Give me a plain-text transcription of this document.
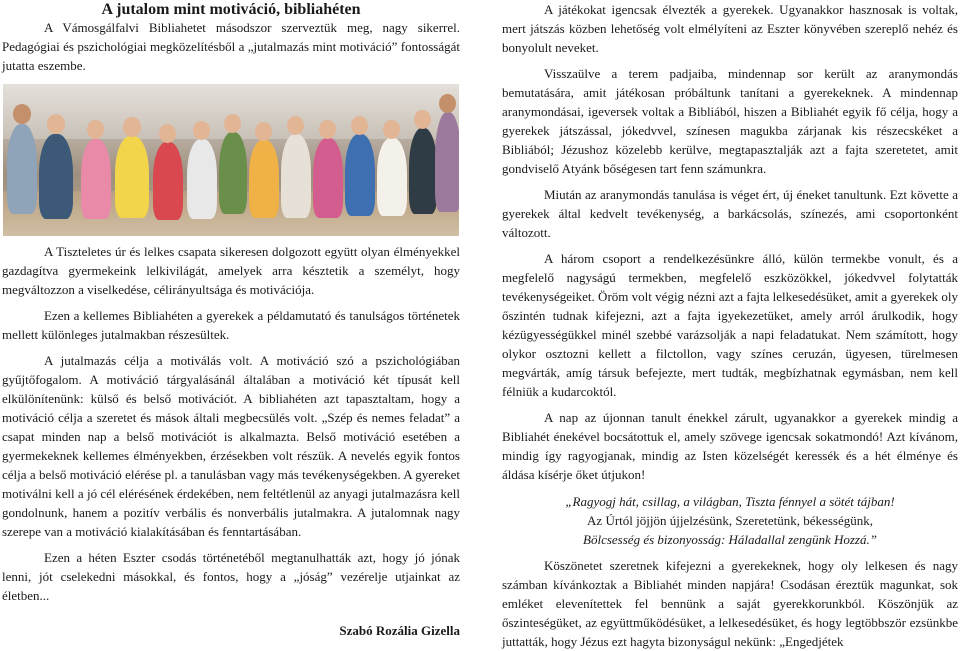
A jutalom mint motiváció, bibliahéten

A Vámosgálfalvi Bibliahetet másodszor szerveztük meg, nagy sikerrel. Pedagógiai és pszichológiai megközelítésből a „jutalmazás mint motiváció” fontosságát jutatta eszembe.

A Tiszteletes úr és lelkes csapata sikeresen dolgozott együtt olyan élményekkel gazdagítva gyermekeink lelkivilágát, amelyek arra késztetik a személyt, hogy megváltozzon a viselkedése, célirányultsága és motivációja.

Ezen a kellemes Bibliahéten a gyerekek a példamutató és tanulságos történetek mellett különleges jutalmakban részesültek.

A jutalmazás célja a motiválás volt. A motiváció szó a pszichológiában gyűjtőfogalom. A motiváció tárgyalásánál általában a motiváció két típusát kell elkülönítenünk: külső és belső motivációt. A bibliahéten azt tapasztaltam, hogy a motiváció célja a szeretet és mások általi megbecsülés volt. „Szép és nemes feladat” a csapat minden nap a belső motivációt is alkalmazta. Belső motiváció esetében a gyermekeknek kellemes élményekben, érzésekben volt részük. A nevelés egyik fontos célja a belső motiváció elérése pl. a tanulásban vagy más tevékenységekben. A gyereket motiválni kell a jó cél elérésének érdekében, nem feltétlenül az anyagi jutalmazásra kell gondolnunk, hanem a pozitív verbális és nonverbális jutalmakra. A jutalomnak nagy szerepe van a motiváció kialakításában és fenntartásában.

Ezen a héten Eszter csodás történetéből megtanulhatták azt, hogy jó jónak lenni, jót cselekedni másokkal, és fontos, hogy a „jóság” vezérelje utjainkat az életben...

Szabó Rozália Gizella

A játékokat igencsak élvezték a gyerekek. Ugyanakkor hasznosak is voltak, mert játszás közben lehetőség volt elmélyíteni az Eszter könyvében szereplő nehéz és bonyolult neveket.

Visszaülve a terem padjaiba, mindennap sor került az aranymondás bemutatására, amit játékosan próbáltunk tanítani a gyerekeknek. A mindennap aranymondásai, igeversek voltak a Bibliából, hiszen a Bibliahét egyik fő célja, hogy a gyerekek játszással, jókedvvel, színesen magukba zárjanak kis részecskéket a Bibliából; Jézushoz közelebb kerülve, megtapasztalják azt a fajta szeretetet, amit gondviselő Atyánk bőségesen tart fenn számunkra.

Miután az aranymondás tanulása is véget ért, új éneket tanultunk. Ezt követte a gyerekek által kedvelt tevékenység, a barkácsolás, színezés, ami csoportonként változott.

A három csoport a rendelkezésünkre álló, külön termekbe vonult, és a megfelelő nagyságú termekben, megfelelő eszközökkel, jókedvvel folytatták tevékenységeiket. Öröm volt végig nézni azt a fajta lelkesedésüket, amit a gyerekek oly őszintén tudnak kifejezni, azt a fajta igyekezetüket, amely arról árulkodik, hogy kézügyességükkel minél szebbé varázsolják a napi feladatukat. Nem számított, hogy olykor osztozni kellett a filctollon, vagy színes ceruzán, ügyesen, türelmesen megvárták, amíg társuk befejezte, mert tudták, megbízhatnak egymásban, nem kell félniük a kudarcoktól.

A nap az újonnan tanult énekkel zárult, ugyanakkor a gyerekek mindig a Bibliahét énekével bocsátottuk el, amely szövege igencsak sokatmondó! Azt kívánom, mindig így ragyogjanak, mindig az Isten közelségét keressék és a hét élménye és áldása kísérje őket útjukon!

„Ragyogj hát, csillag, a világban, Tiszta fénnyel a sötét tájban!
Az Úrtól jöjjön újjelzésünk, Szeretetünk, békességünk,
Bölcsesség és bizonyosság: Háladallal zengünk Hozzá.”

Köszönetet szeretnek kifejezni a gyerekeknek, hogy oly lelkesen és nagy számban kívánkoztak a Bibliahét minden napjára! Csodásan éreztük magunkat, sok emléket elevenítettek fel bennünk a saját gyerekkorunkból. Köszönjük az őszinteségüket, az együttműködésüket, a lelkesedésüket, és hogy legtöbbször ezsünkbe juttatták, hogy Jézus ezt hagyta bizonyságul nekünk: „Engedjétek
